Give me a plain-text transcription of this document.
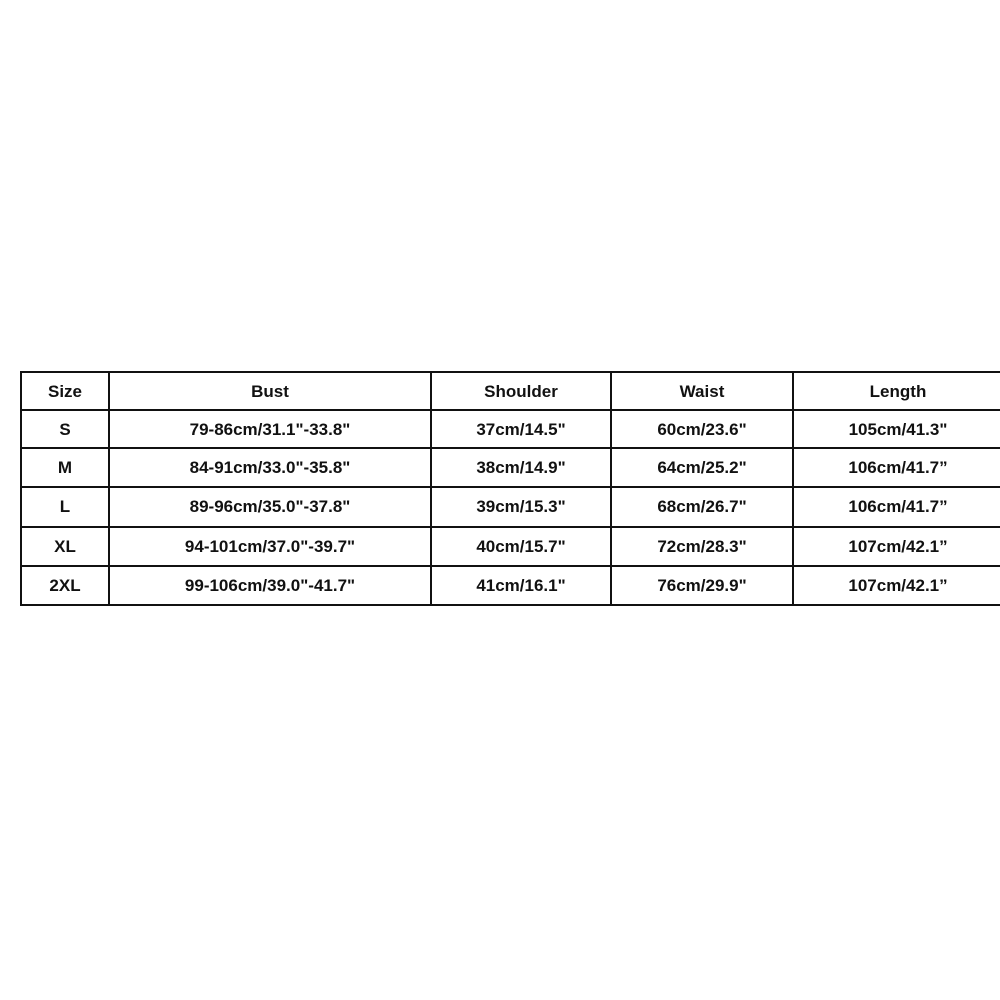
Size	Bust	Shoulder	Waist	Length
S	79-86cm/31.1"-33.8"	37cm/14.5"	60cm/23.6"	105cm/41.3"
M	84-91cm/33.0"-35.8"	38cm/14.9"	64cm/25.2"	106cm/41.7”
L	89-96cm/35.0"-37.8"	39cm/15.3"	68cm/26.7"	106cm/41.7”
XL	94-101cm/37.0"-39.7"	40cm/15.7"	72cm/28.3"	107cm/42.1”
2XL	99-106cm/39.0"-41.7"	41cm/16.1"	76cm/29.9"	107cm/42.1”
